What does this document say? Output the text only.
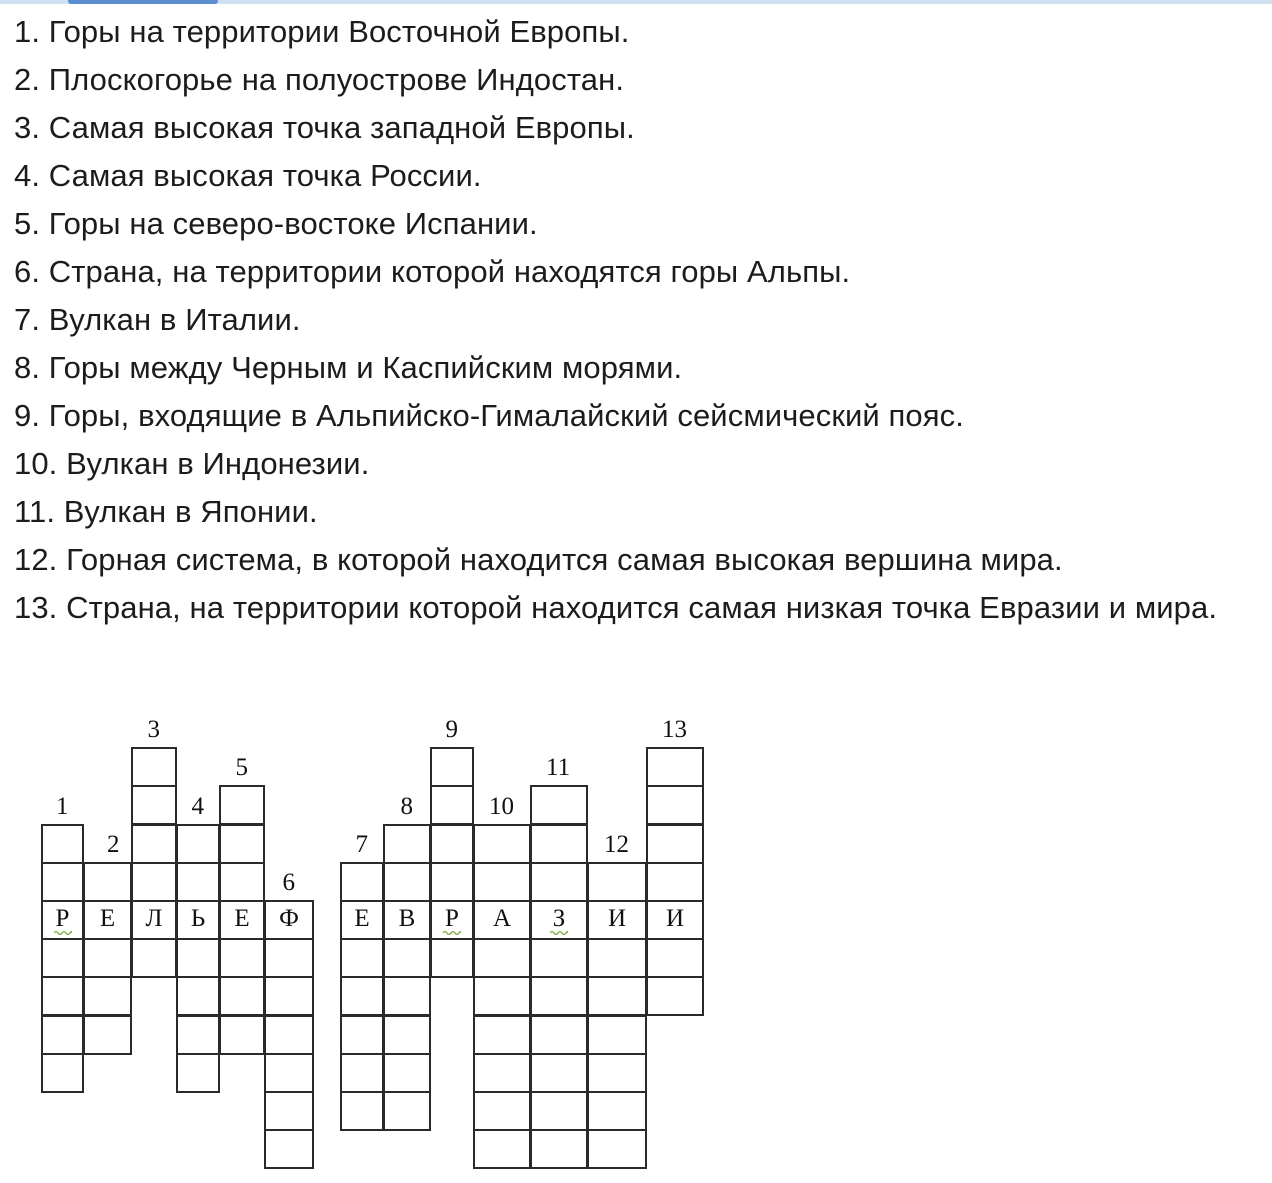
1. Горы на территории Восточной Европы.
2. Плоскогорье на полуострове Индостан.
3. Самая высокая точка западной Европы.
4. Самая высокая точка России.
5. Горы на северо-востоке Испании.
6. Страна, на территории которой находятся горы Альпы.
7. Вулкан в Италии.
8. Горы между Черным и Каспийским морями.
9. Горы, входящие в Альпийско-Гималайский сейсмический пояс.
10. Вулкан в Индонезии.
11. Вулкан в Японии.
12. Горная система, в которой находится самая высокая вершина мира.
13. Страна, на территории которой находится самая низкая точка Евразии и мира.
Р
1
Е
2
Л
3
Ь
4
Е
5
Ф
6
Е
7
В
8
Р
9
А
10
З
11
И
12
И
13
